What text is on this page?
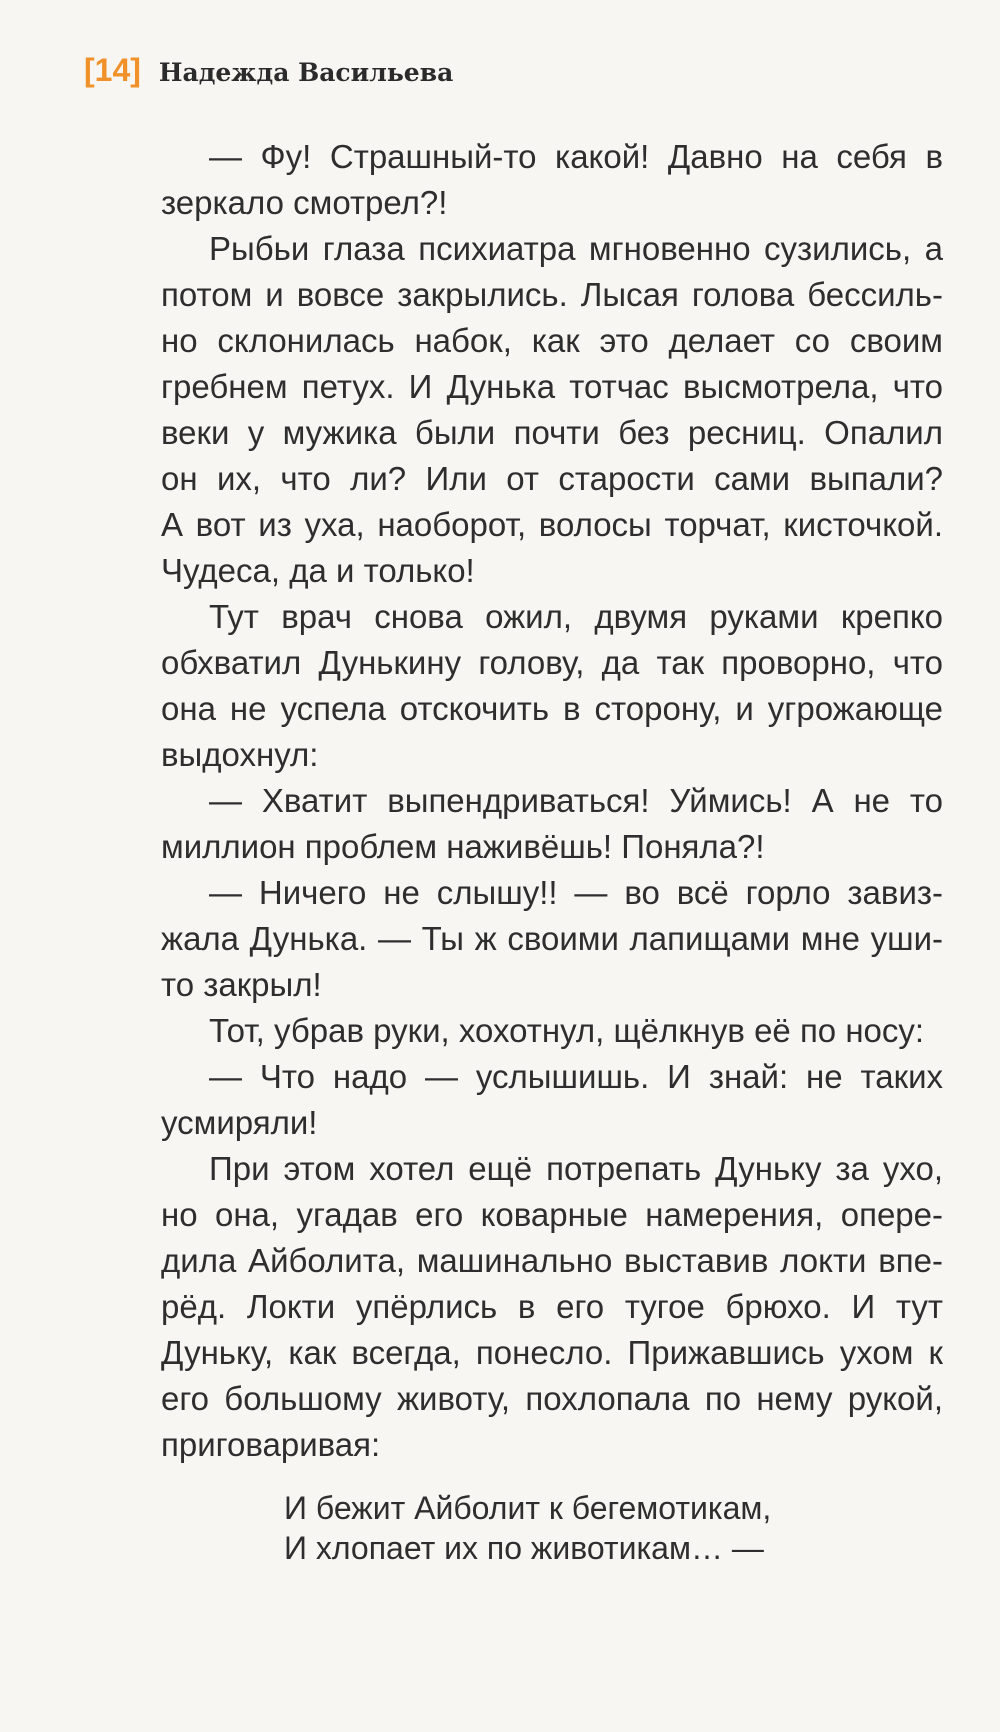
[14] Надежда Васильева
— Фу! Страшный-то какой! Давно на себя в
зеркало смотрел?!
Рыбьи глаза психиатра мгновенно сузились, а
потом и вовсе закрылись. Лысая голова бессиль-
но склонилась набок, как это делает со своим
гребнем петух. И Дунька тотчас высмотрела, что
веки у мужика были почти без ресниц. Опалил
он их, что ли? Или от старости сами выпали?
А вот из уха, наоборот, волосы торчат, кисточкой.
Чудеса, да и только!
Тут врач снова ожил, двумя руками крепко
обхватил Дунькину голову, да так проворно, что
она не успела отскочить в сторону, и угрожающе
выдохнул:
— Хватит выпендриваться! Уймись! А не то
миллион проблем наживёшь! Поняла?!
— Ничего не слышу!! — во всё горло завиз-
жала Дунька. — Ты ж своими лапищами мне уши-
то закрыл!
Тот, убрав руки, хохотнул, щёлкнув её по носу:
— Что надо — услышишь. И знай: не таких
усмиряли!
При этом хотел ещё потрепать Дуньку за ухо,
но она, угадав его коварные намерения, опере-
дила Айболита, машинально выставив локти впе-
рёд. Локти упёрлись в его тугое брюхо. И тут
Дуньку, как всегда, понесло. Прижавшись ухом к
его большому животу, похлопала по нему рукой,
приговаривая:
И бежит Айболит к бегемотикам,
И хлопает их по животикам… —
